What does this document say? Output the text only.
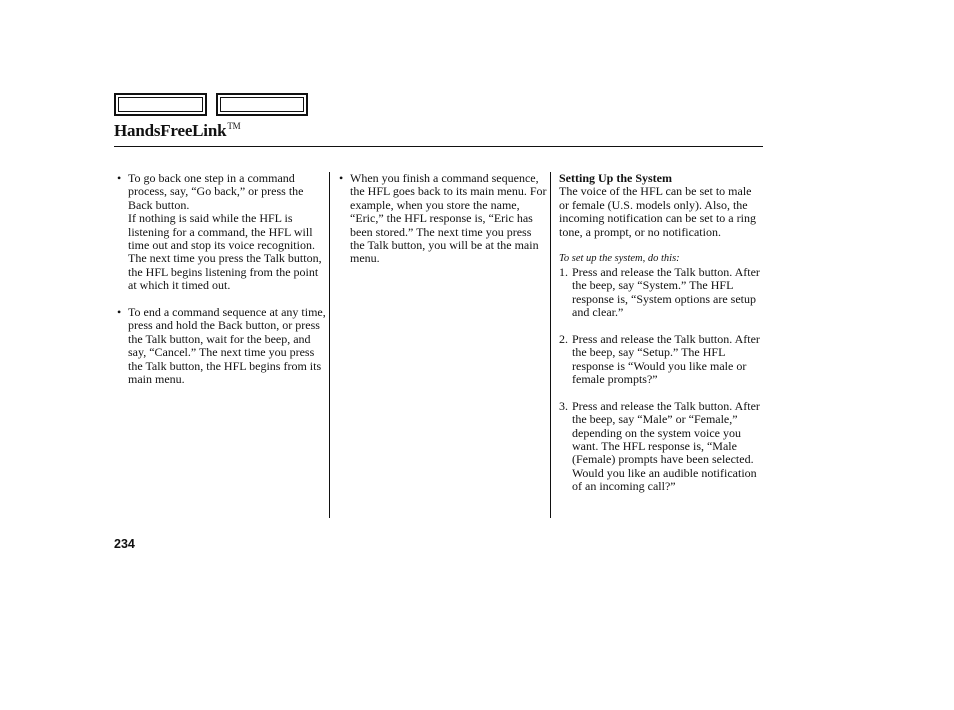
HandsFreeLink™
• To go back one step in a command process, say, “Go back,” or press the Back button.
If nothing is said while the HFL is listening for a command, the HFL will time out and stop its voice recognition. The next time you press the Talk button, the HFL begins listening from the point at which it timed out.
• To end a command sequence at any time, press and hold the Back button, or press the Talk button, wait for the beep, and say, “Cancel.” The next time you press the Talk button, the HFL begins from its main menu.
• When you finish a command sequence, the HFL goes back to its main menu. For example, when you store the name, “Eric,” the HFL response is, “Eric has been stored.” The next time you press the Talk button, you will be at the main menu.
Setting Up the System
The voice of the HFL can be set to male or female (U.S. models only). Also, the incoming notification can be set to a ring tone, a prompt, or no notification.
To set up the system, do this:
1. Press and release the Talk button. After the beep, say “System.” The HFL response is, “System options are setup and clear.”
2. Press and release the Talk button. After the beep, say “Setup.” The HFL response is “Would you like male or female prompts?”
3. Press and release the Talk button. After the beep, say “Male” or “Female,” depending on the system voice you want. The HFL response is, “Male (Female) prompts have been selected. Would you like an audible notification of an incoming call?”
234
